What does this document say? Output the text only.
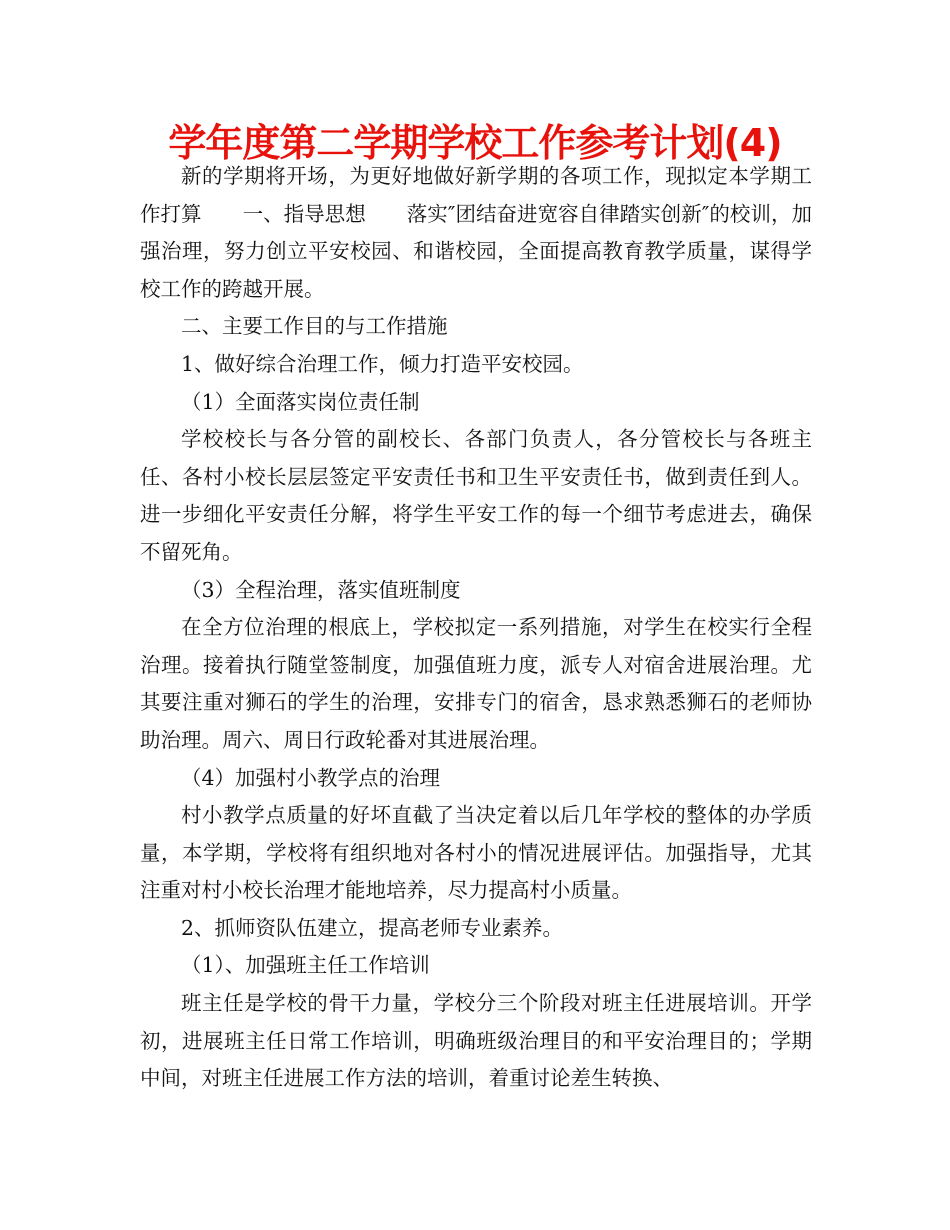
学年度第二学期学校工作参考计划(4)

新的学期将开场，为更好地做好新学期的各项工作，现拟定本学期工作打算　　一、指导思想　　落实″团结奋进宽容自律踏实创新″的校训，加强治理，努力创立平安校园、和谐校园，全面提高教育教学质量，谋得学校工作的跨越开展。

二、主要工作目的与工作措施

1、做好综合治理工作，倾力打造平安校园。

（1）全面落实岗位责任制

学校校长与各分管的副校长、各部门负责人，各分管校长与各班主任、各村小校长层层签定平安责任书和卫生平安责任书，做到责任到人。进一步细化平安责任分解，将学生平安工作的每一个细节考虑进去，确保不留死角。

（3）全程治理，落实值班制度

在全方位治理的根底上，学校拟定一系列措施，对学生在校实行全程治理。接着执行随堂签制度，加强值班力度，派专人对宿舍进展治理。尤其要注重对狮石的学生的治理，安排专门的宿舍，恳求熟悉狮石的老师协助治理。周六、周日行政轮番对其进展治理。

（4）加强村小教学点的治理

村小教学点质量的好坏直截了当决定着以后几年学校的整体的办学质量，本学期，学校将有组织地对各村小的情况进展评估。加强指导，尤其注重对村小校长治理才能地培养，尽力提高村小质量。

2、抓师资队伍建立，提高老师专业素养。

（1）、加强班主任工作培训

班主任是学校的骨干力量，学校分三个阶段对班主任进展培训。开学初，进展班主任日常工作培训，明确班级治理目的和平安治理目的；学期中间，对班主任进展工作方法的培训，着重讨论差生转换、
